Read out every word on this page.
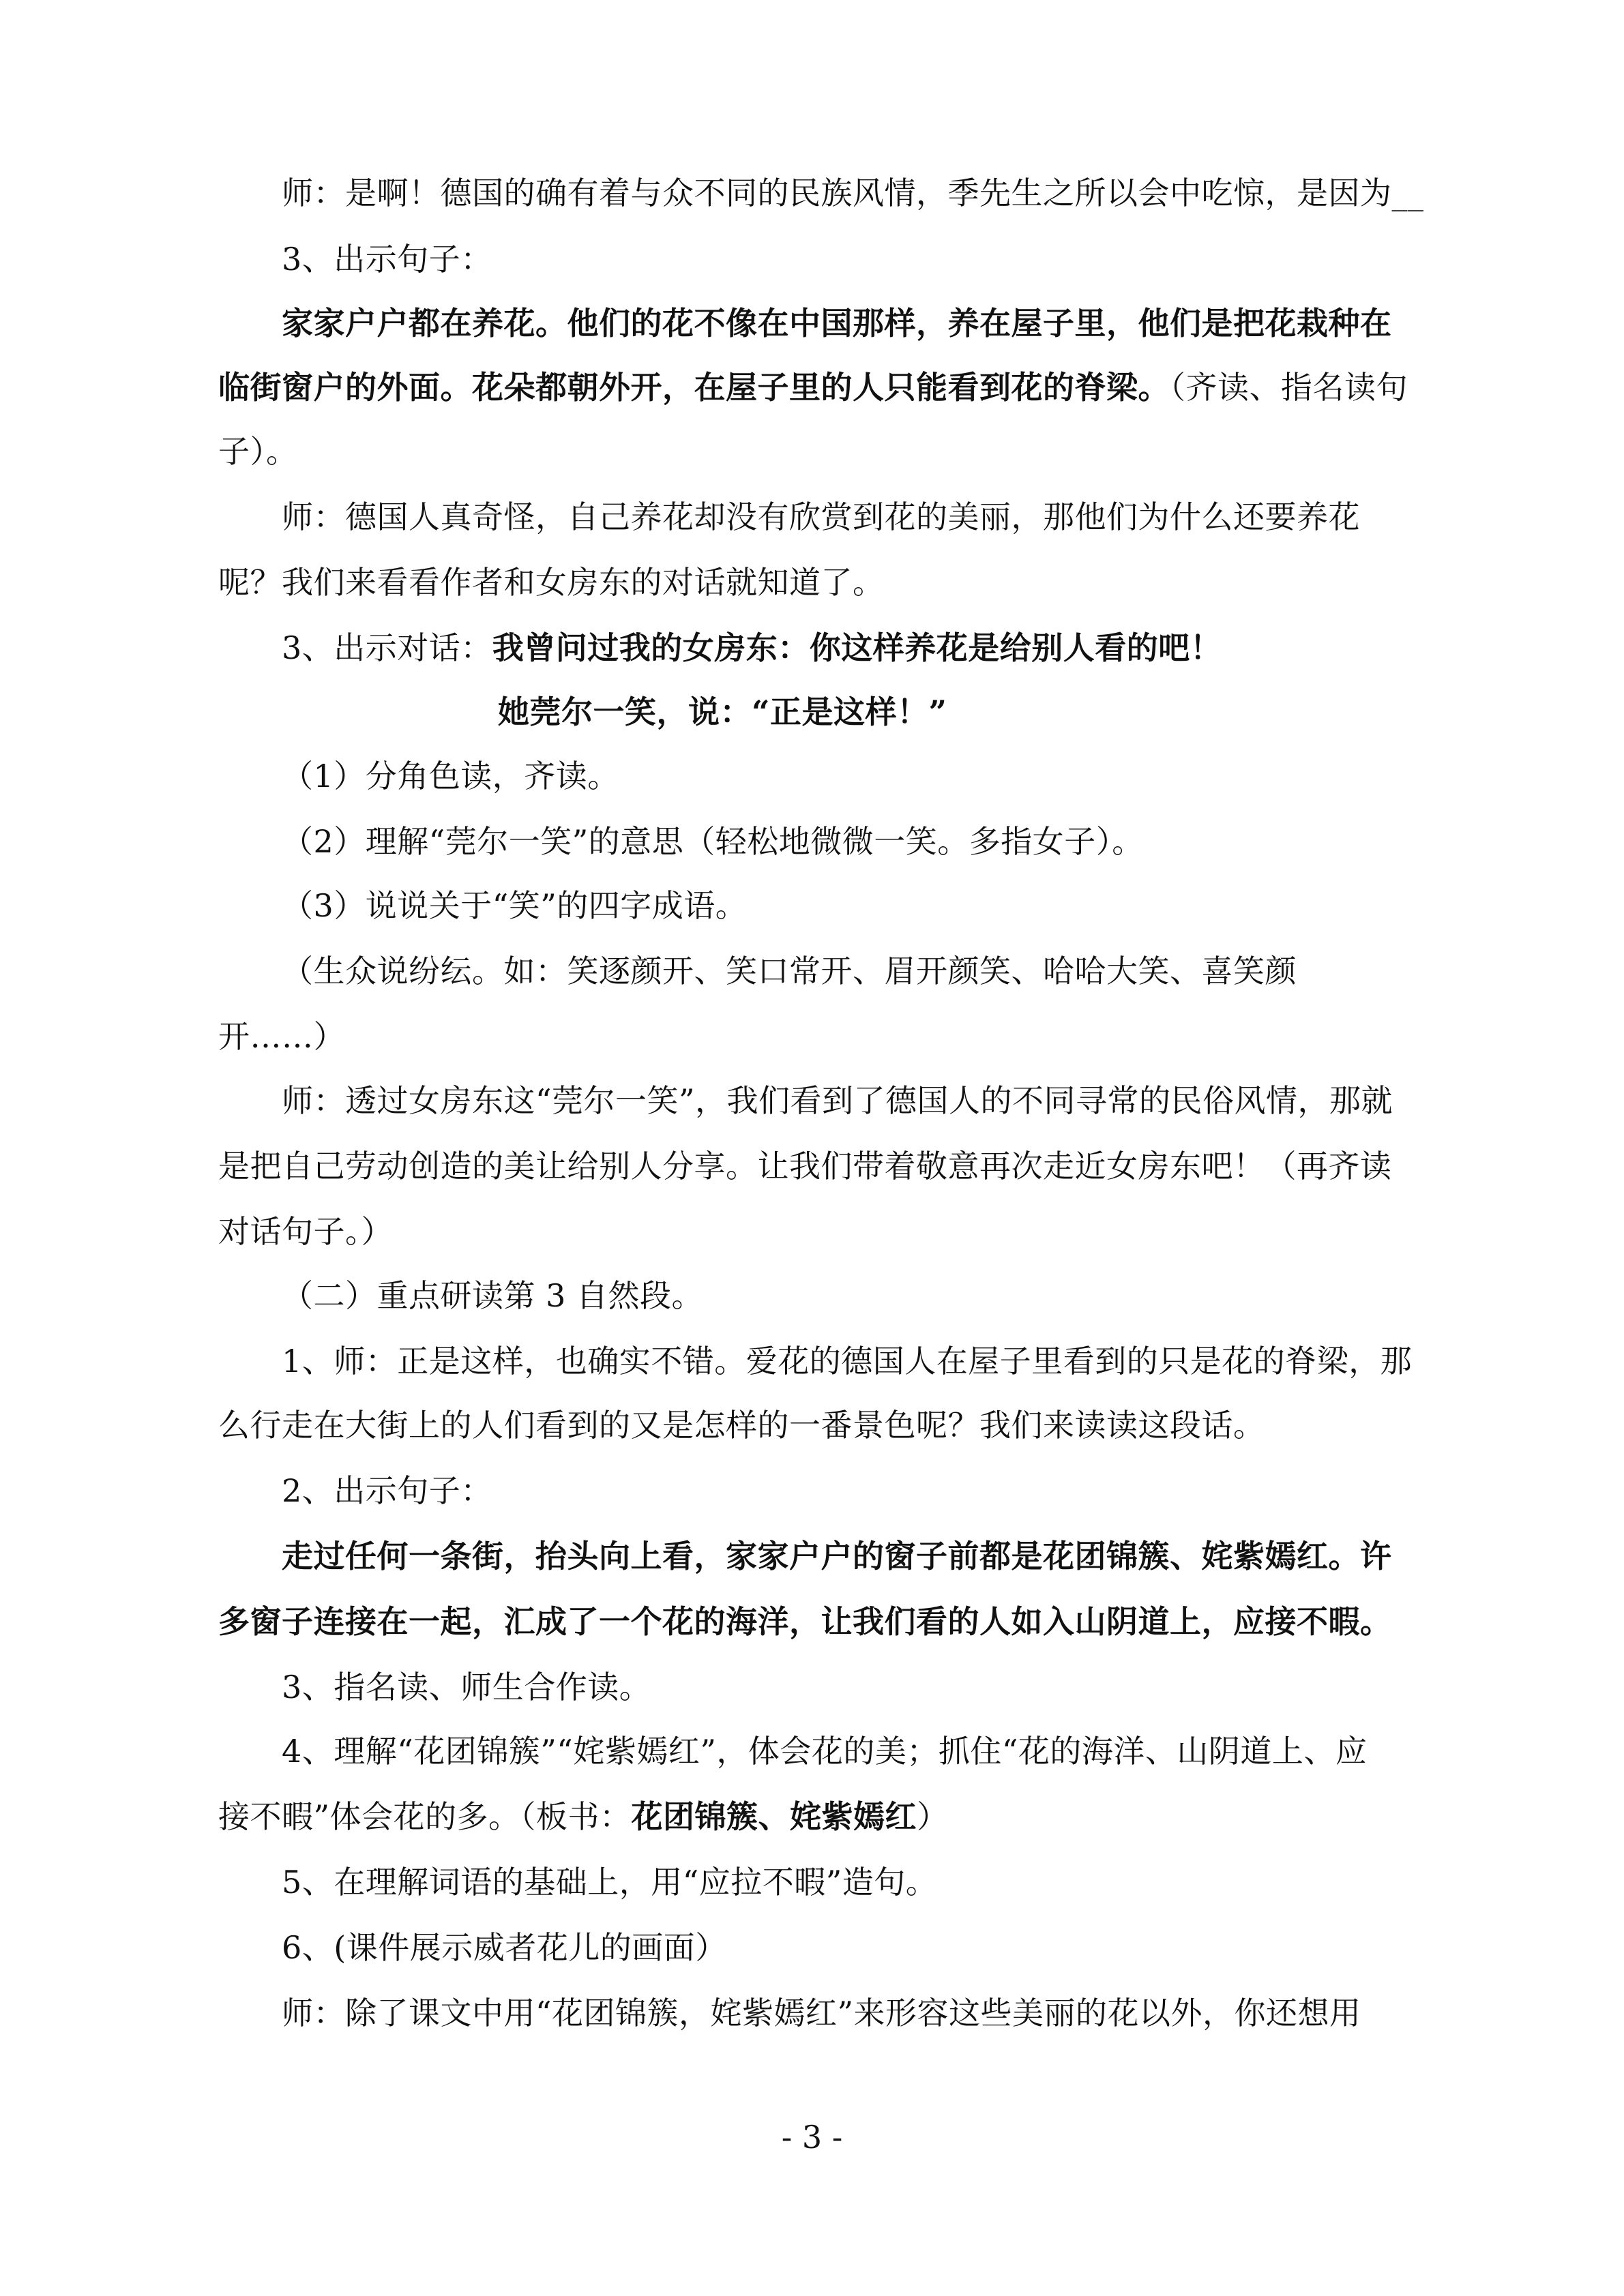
师：是啊！德国的确有着与众不同的民族风情，季先生之所以会中吃惊，是因为__
3、出示句子：
家家户户都在养花。他们的花不像在中国那样，养在屋子里，他们是把花栽种在
临街窗户的外面。花朵都朝外开，在屋子里的人只能看到花的脊梁。（齐读、指名读句
子）。
师：德国人真奇怪，自己养花却没有欣赏到花的美丽，那他们为什么还要养花
呢？我们来看看作者和女房东的对话就知道了。
3、出示对话：我曾问过我的女房东：你这样养花是给别人看的吧！
她莞尔一笑，说：“正是这样！”
（1）分角色读，齐读。
（2）理解“莞尔一笑”的意思（轻松地微微一笑。多指女子）。
（3）说说关于“笑”的四字成语。
（生众说纷纭。如：笑逐颜开、笑口常开、眉开颜笑、哈哈大笑、喜笑颜
开……）
师：透过女房东这“莞尔一笑”，我们看到了德国人的不同寻常的民俗风情，那就
是把自己劳动创造的美让给别人分享。让我们带着敬意再次走近女房东吧！（再齐读
对话句子。）
（二）重点研读第 3 自然段。
1、师：正是这样，也确实不错。爱花的德国人在屋子里看到的只是花的脊梁，那
么行走在大街上的人们看到的又是怎样的一番景色呢？我们来读读这段话。
2、出示句子：
走过任何一条街，抬头向上看，家家户户的窗子前都是花团锦簇、姹紫嫣红。许
多窗子连接在一起，汇成了一个花的海洋，让我们看的人如入山阴道上，应接不暇。
3、指名读、师生合作读。
4、理解“花团锦簇”“姹紫嫣红”，体会花的美；抓住“花的海洋、山阴道上、应
接不暇”体会花的多。（板书：花团锦簇、姹紫嫣红）
5、在理解词语的基础上，用“应拉不暇”造句。
6、(课件展示威者花儿的画面）
师：除了课文中用“花团锦簇，姹紫嫣红”来形容这些美丽的花以外，你还想用
- 3 -
